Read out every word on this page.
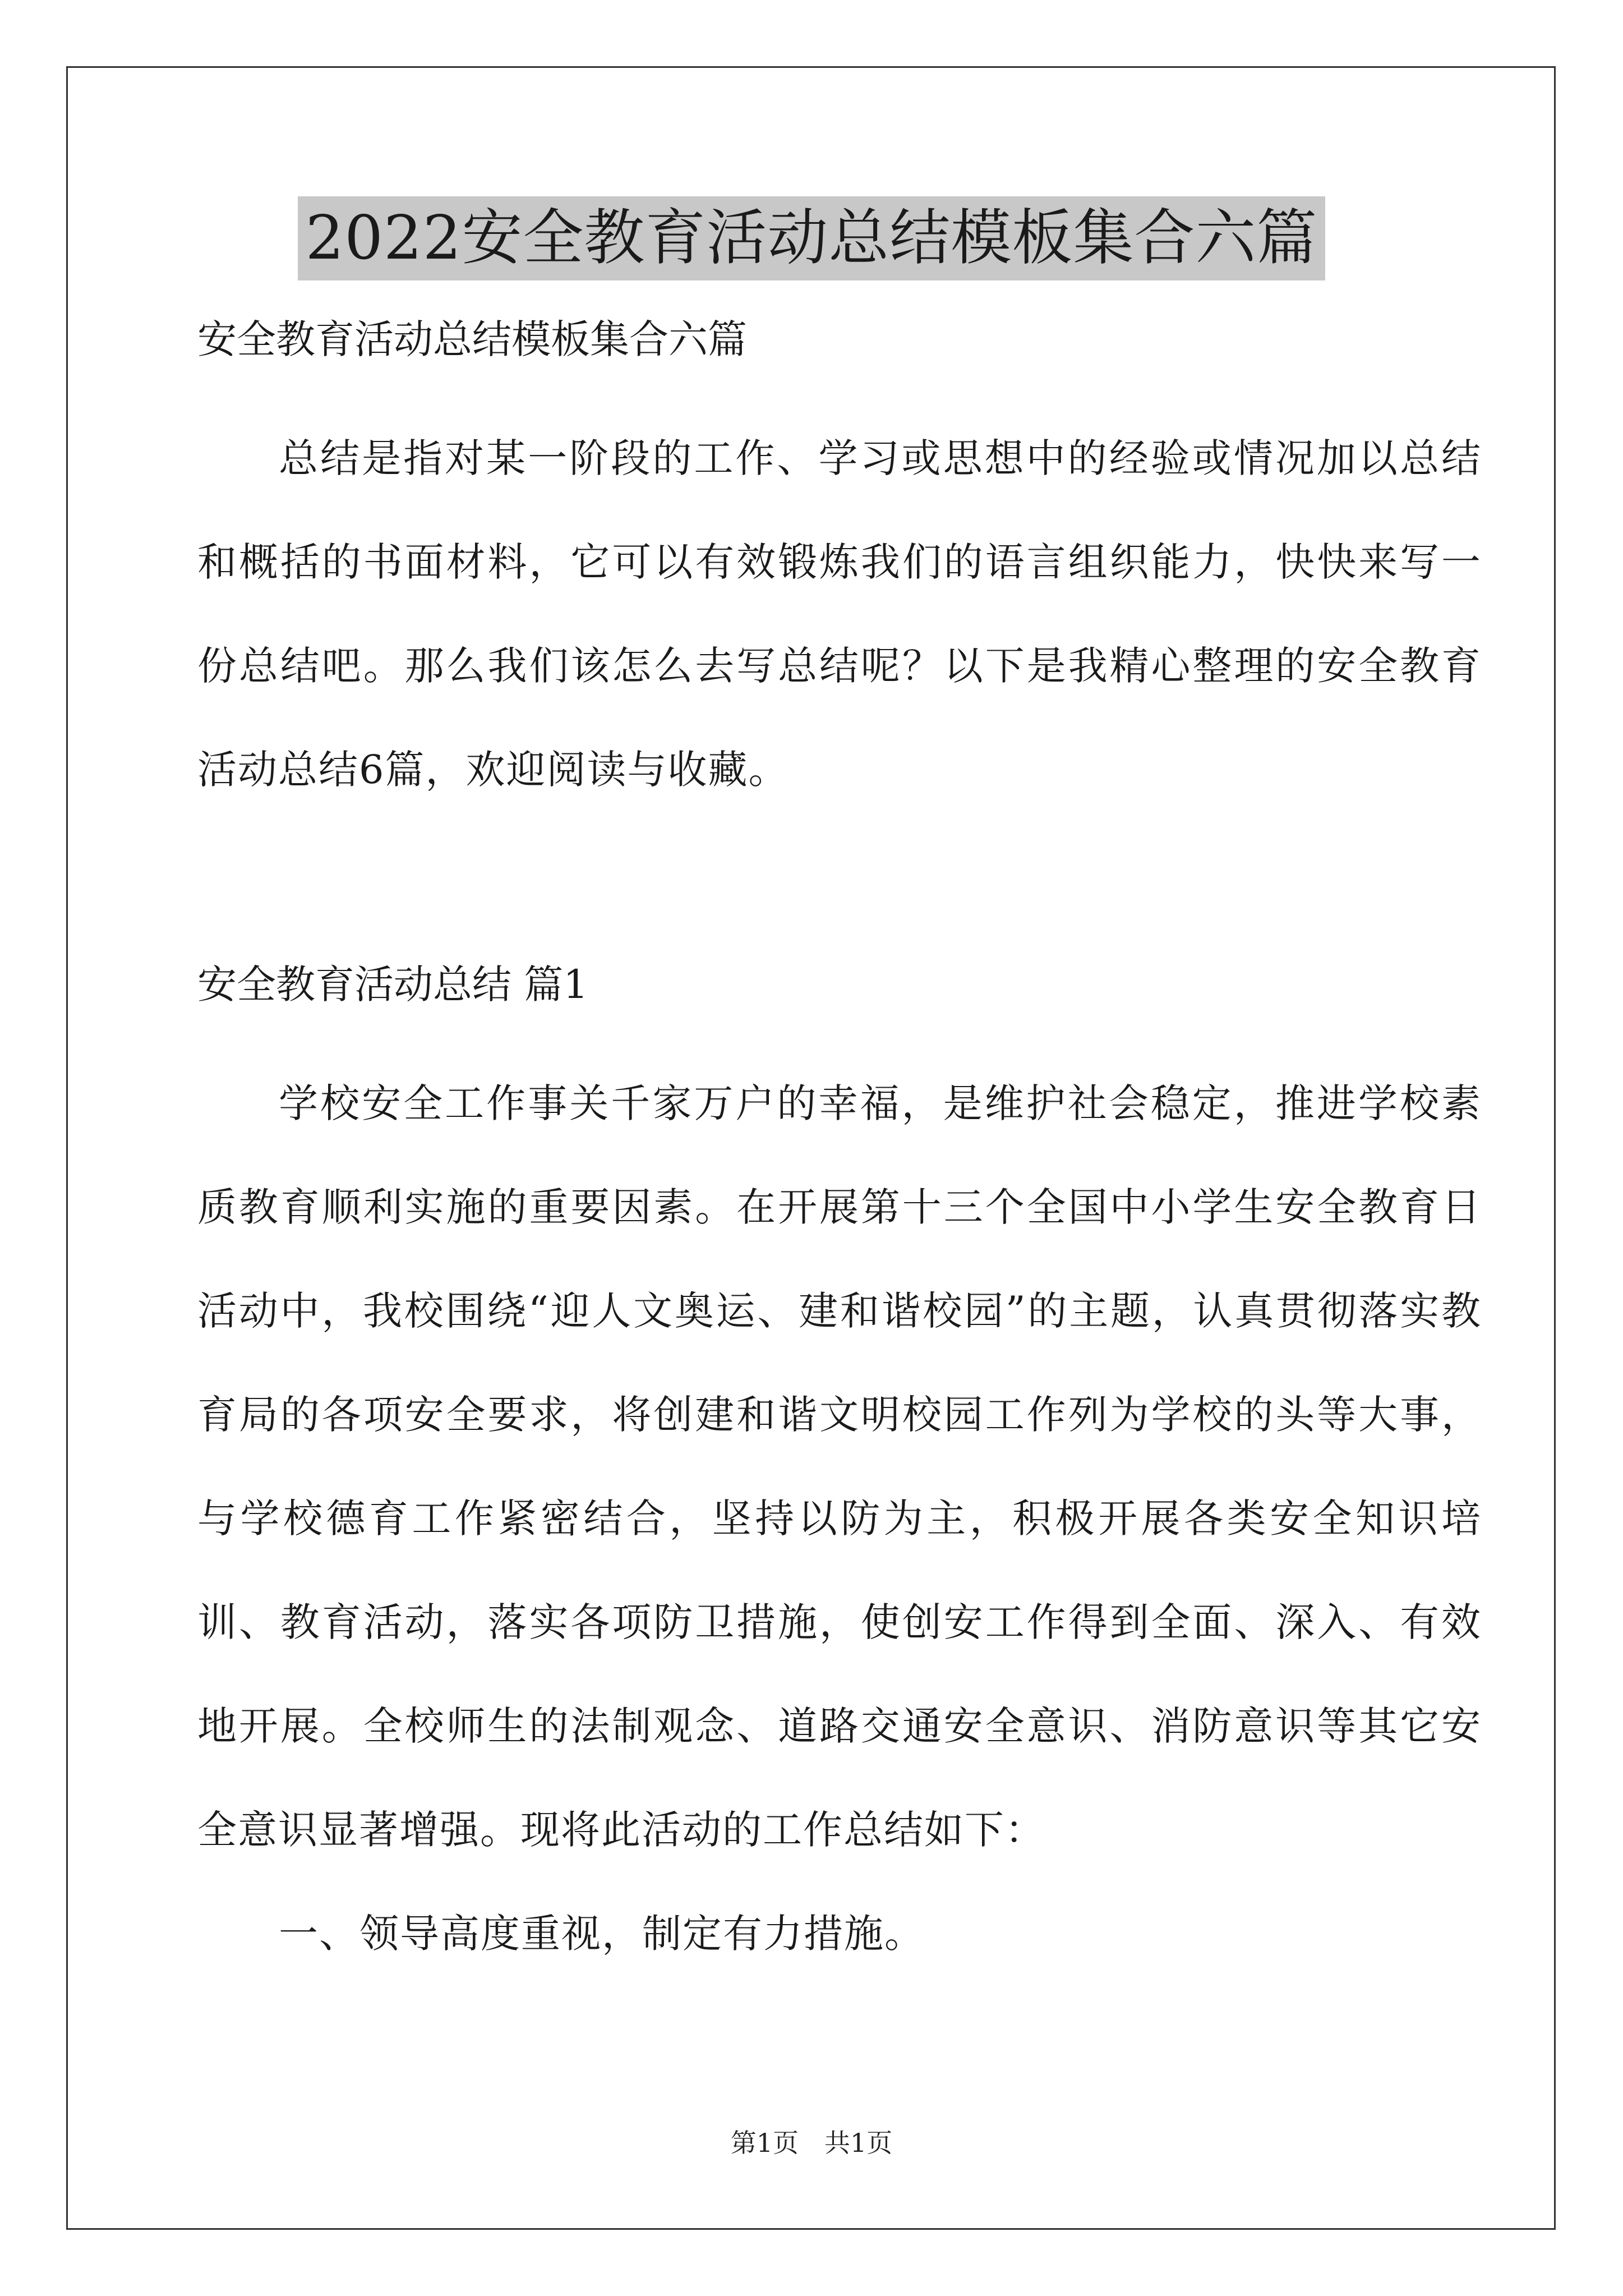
2022安全教育活动总结模板集合六篇

安全教育活动总结模板集合六篇

总结是指对某一阶段的工作、学习或思想中的经验或情况加以总结和概括的书面材料，它可以有效锻炼我们的语言组织能力，快快来写一份总结吧。那么我们该怎么去写总结呢？以下是我精心整理的安全教育活动总结6篇，欢迎阅读与收藏。

安全教育活动总结 篇1

学校安全工作事关千家万户的幸福，是维护社会稳定，推进学校素质教育顺利实施的重要因素。在开展第十三个全国中小学生安全教育日活动中，我校围绕“迎人文奥运、建和谐校园”的主题，认真贯彻落实教育局的各项安全要求，将创建和谐文明校园工作列为学校的头等大事，与学校德育工作紧密结合，坚持以防为主，积极开展各类安全知识培训、教育活动，落实各项防卫措施，使创安工作得到全面、深入、有效地开展。全校师生的法制观念、道路交通安全意识、消防意识等其它安全意识显著增强。现将此活动的工作总结如下：

一、领导高度重视，制定有力措施。

第1页　共1页
